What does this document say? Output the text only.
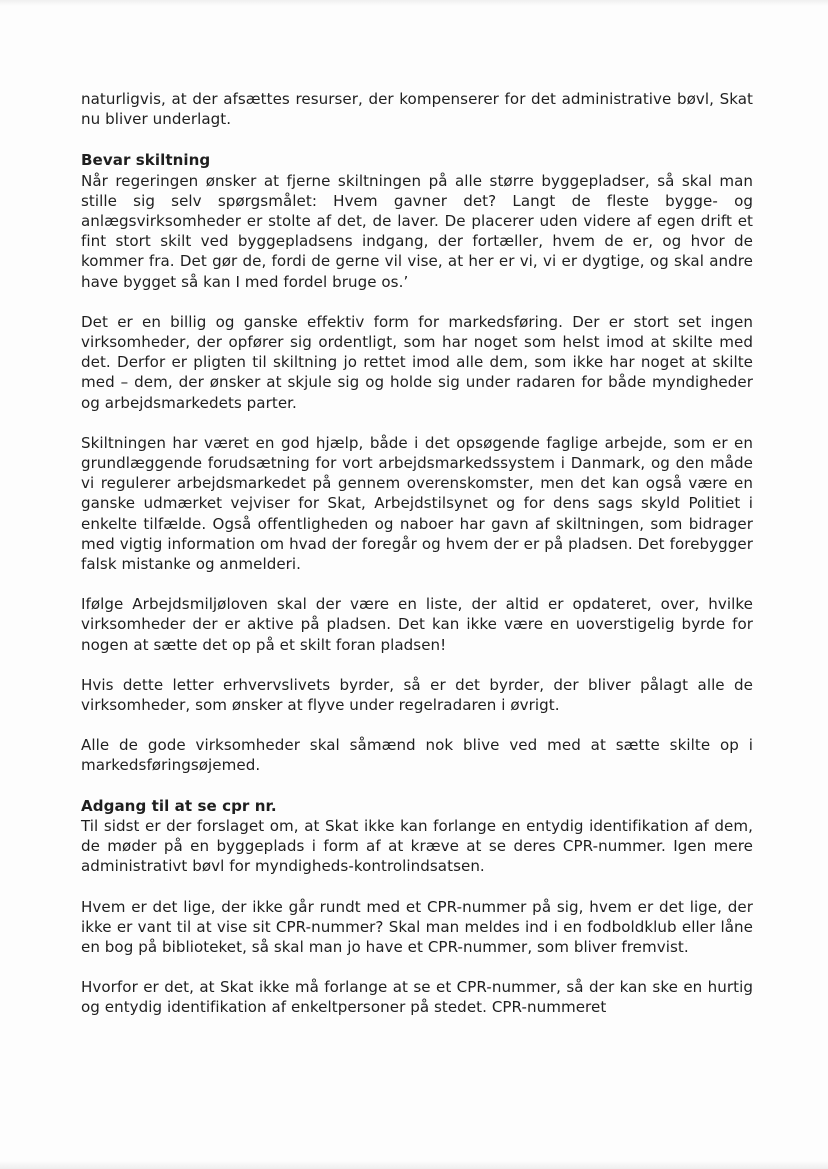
naturligvis, at der afsættes resurser, der kompenserer for det administrative bøvl, Skat nu bliver underlagt.

Bevar skiltning

Når regeringen ønsker at fjerne skiltningen på alle større byggepladser, så skal man stille sig selv spørgsmålet: Hvem gavner det? Langt de fleste bygge- og anlægsvirksomheder er stolte af det, de laver. De placerer uden videre af egen drift et fint stort skilt ved byggepladsens indgang, der fortæller, hvem de er, og hvor de kommer fra. Det gør de, fordi de gerne vil vise, at her er vi, vi er dygtige, og skal andre have bygget så kan I med fordel bruge os.’

Det er en billig og ganske effektiv form for markedsføring. Der er stort set ingen virksomheder, der opfører sig ordentligt, som har noget som helst imod at skilte med det. Derfor er pligten til skiltning jo rettet imod alle dem, som ikke har noget at skilte med – dem, der ønsker at skjule sig og holde sig under radaren for både myndigheder og arbejdsmarkedets parter.

Skiltningen har været en god hjælp, både i det opsøgende faglige arbejde, som er en grundlæggende forudsætning for vort arbejdsmarkedssystem i Danmark, og den måde vi regulerer arbejdsmarkedet på gennem overenskomster, men det kan også være en ganske udmærket vejviser for Skat, Arbejdstilsynet og for dens sags skyld Politiet i enkelte tilfælde. Også offentligheden og naboer har gavn af skiltningen, som bidrager med vigtig information om hvad der foregår og hvem der er på pladsen. Det forebygger falsk mistanke og anmelderi.

Ifølge Arbejdsmiljøloven skal der være en liste, der altid er opdateret, over, hvilke virksomheder der er aktive på pladsen. Det kan ikke være en uoverstigelig byrde for nogen at sætte det op på et skilt foran pladsen!

Hvis dette letter erhvervslivets byrder, så er det byrder, der bliver pålagt alle de virksomheder, som ønsker at flyve under regelradaren i øvrigt.

Alle de gode virksomheder skal såmænd nok blive ved med at sætte skilte op i markedsføringsøjemed.

Adgang til at se cpr nr.

Til sidst er der forslaget om, at Skat ikke kan forlange en entydig identifikation af dem, de møder på en byggeplads i form af at kræve at se deres CPR-nummer. Igen mere administrativt bøvl for myndigheds-kontrolindsatsen.

Hvem er det lige, der ikke går rundt med et CPR-nummer på sig, hvem er det lige, der ikke er vant til at vise sit CPR-nummer? Skal man meldes ind i en fodboldklub eller låne en bog på biblioteket, så skal man jo have et CPR-nummer, som bliver fremvist.

Hvorfor er det, at Skat ikke må forlange at se et CPR-nummer, så der kan ske en hurtig og entydig identifikation af enkeltpersoner på stedet. CPR-nummeret
